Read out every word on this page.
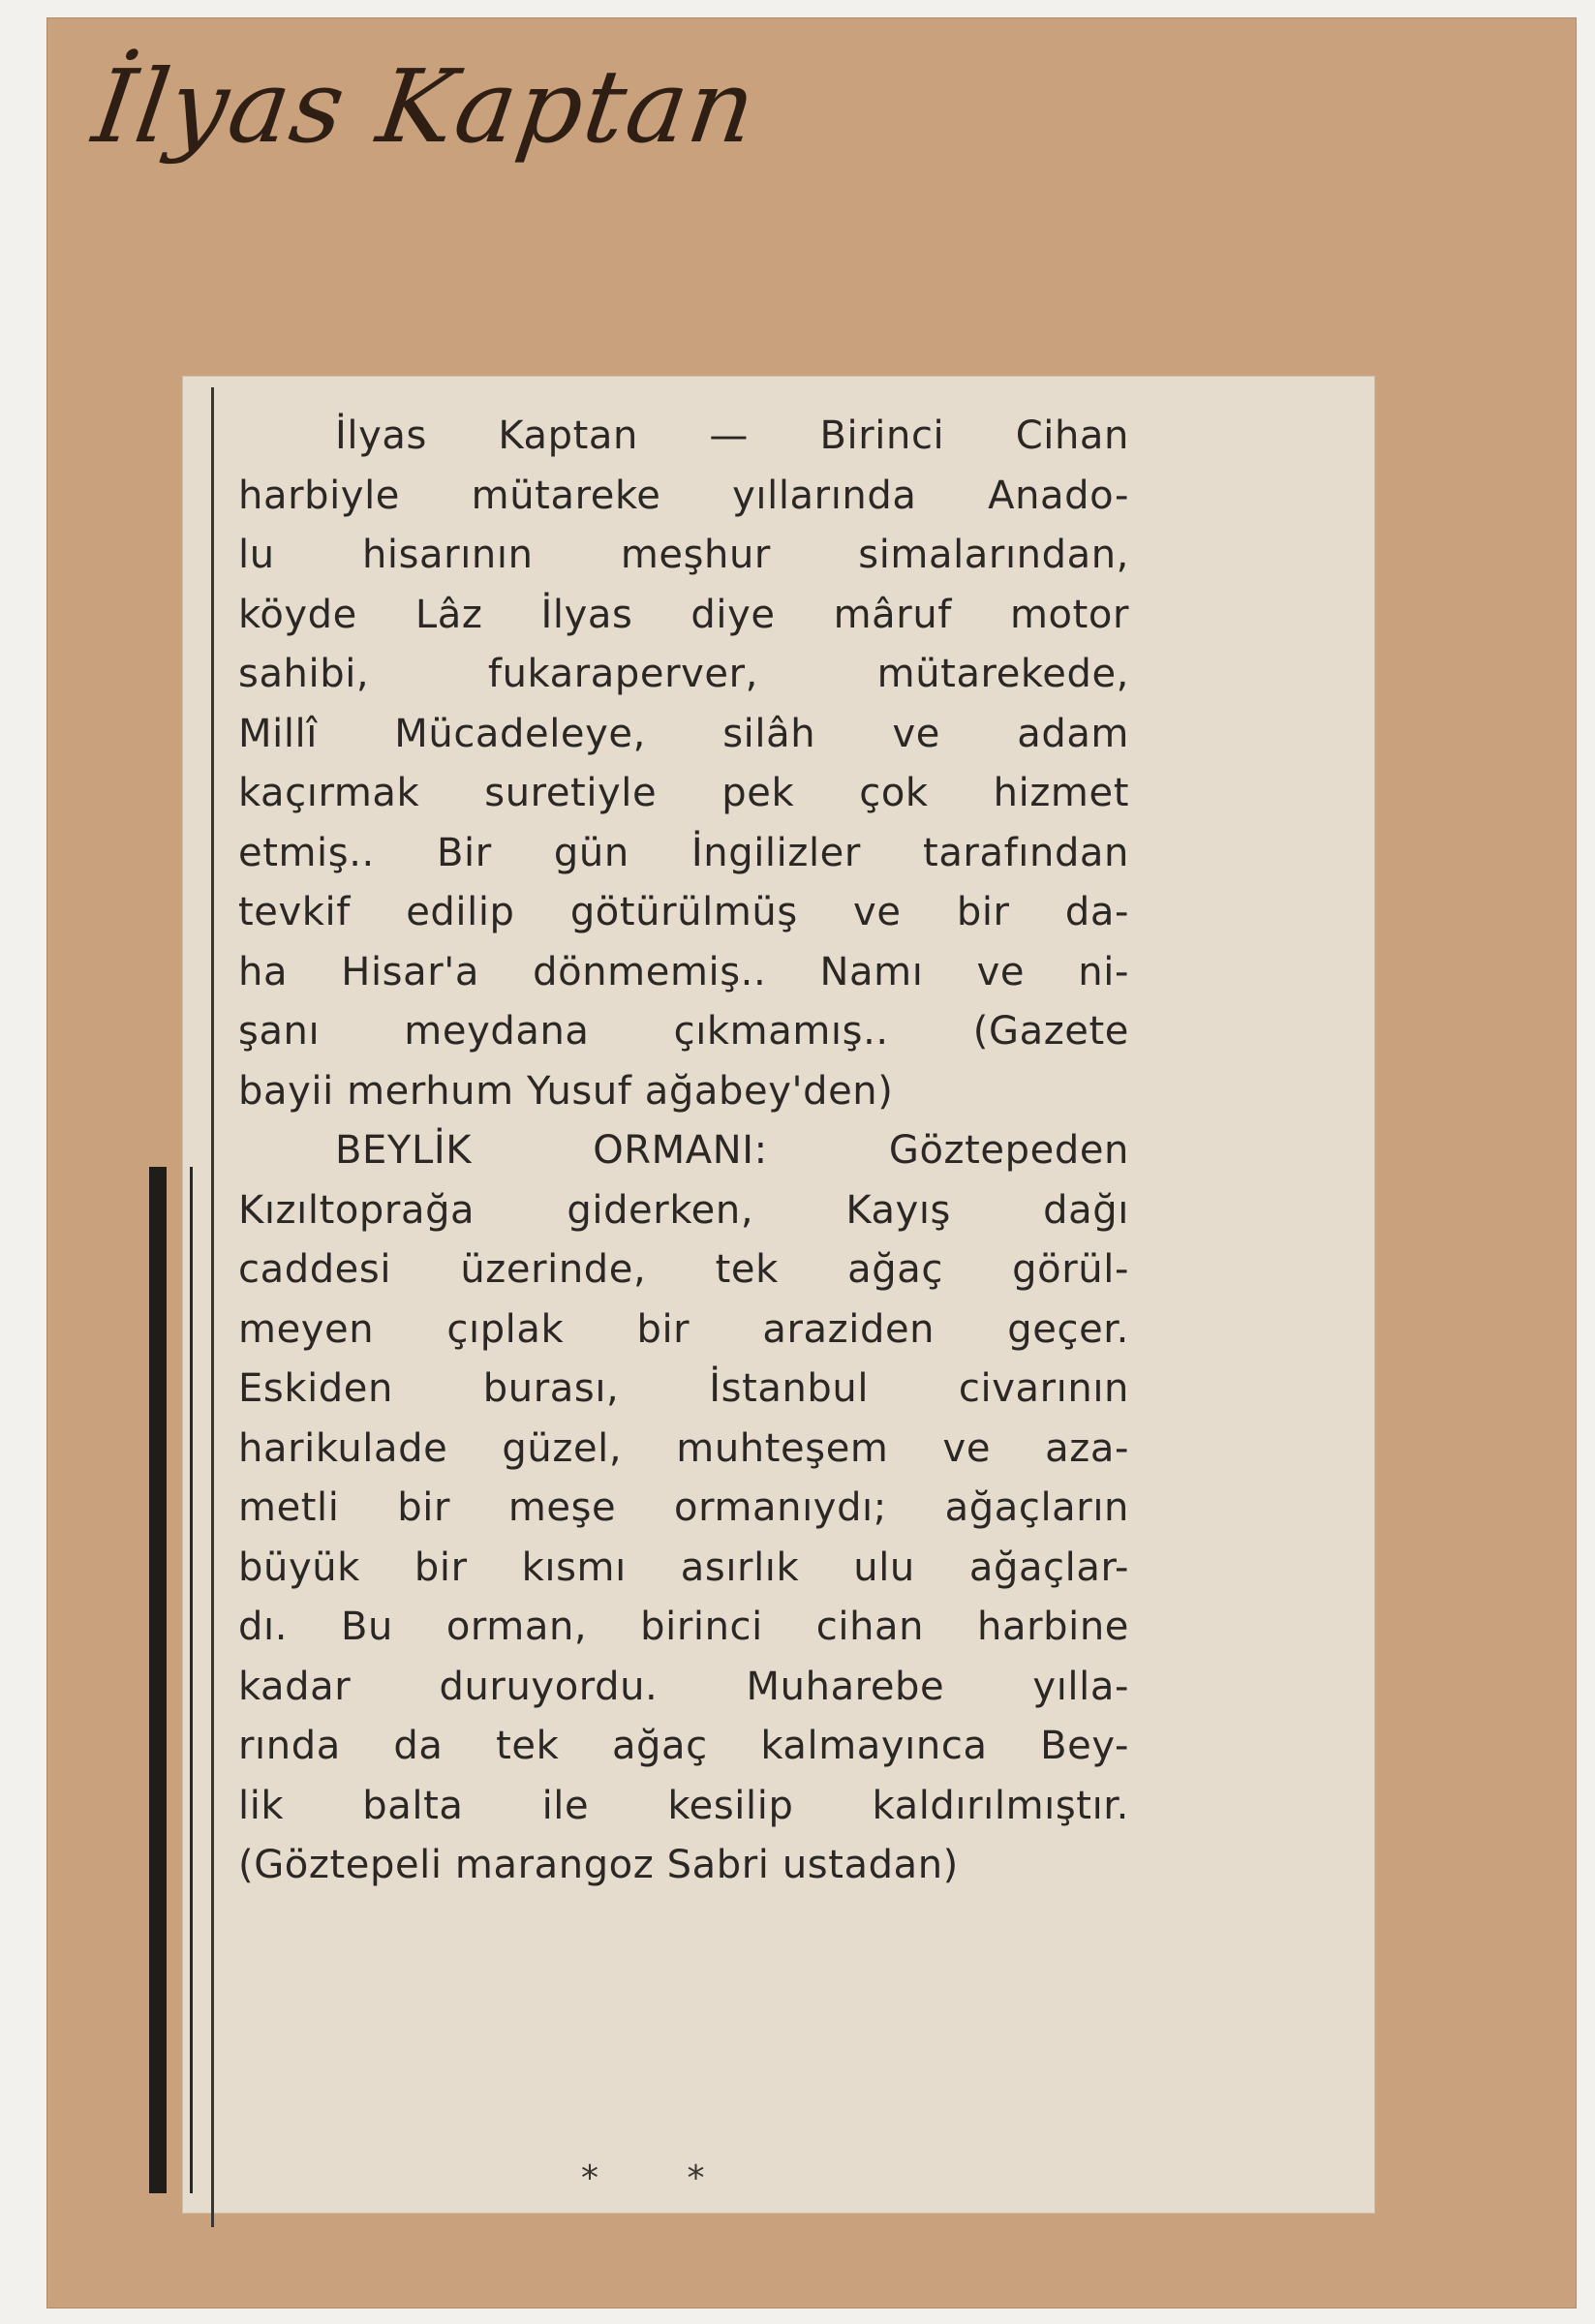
İlyas Kaptan
İlyas Kaptan — Birinci Cihan
harbiyle mütareke yıllarında Anado-
lu hisarının meşhur simalarından,
köyde Lâz İlyas diye mâruf motor
sahibi, fukaraperver, mütarekede,
Millî Mücadeleye, silâh ve adam
kaçırmak suretiyle pek çok hizmet
etmiş.. Bir gün İngilizler tarafından
tevkif edilip götürülmüş ve bir da-
ha Hisar'a dönmemiş.. Namı ve ni-
şanı meydana çıkmamış.. (Gazete
bayii merhum Yusuf ağabey'den)
BEYLİK ORMANI: Göztepeden
Kızıltoprağa giderken, Kayış dağı
caddesi üzerinde, tek ağaç görül-
meyen çıplak bir araziden geçer.
Eskiden burası, İstanbul civarının
harikulade güzel, muhteşem ve aza-
metli bir meşe ormanıydı; ağaçların
büyük bir kısmı asırlık ulu ağaçlar-
dı. Bu orman, birinci cihan harbine
kadar duruyordu. Muharebe yılla-
rında da tek ağaç kalmayınca Bey-
lik balta ile kesilip kaldırılmıştır.
(Göztepeli marangoz Sabri ustadan)
* *
